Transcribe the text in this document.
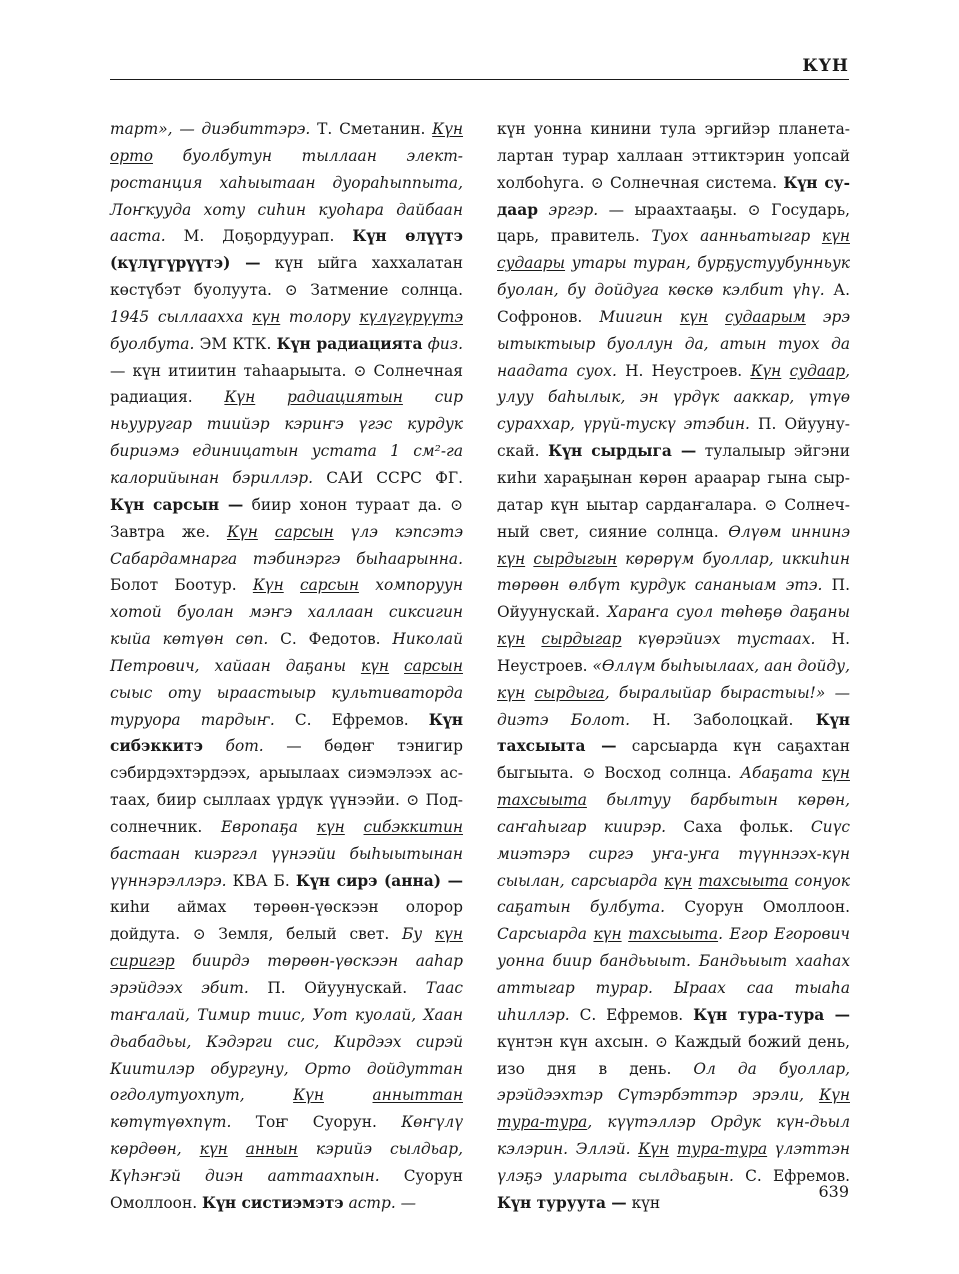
КҮН

тарт», — диэбиттэрэ. Т. Сметанин. Күн орто буолбутун тыллаан электростанция хаһыытаан дуораһыппыта, Лоҥкууда хоту сиһин куоһара дайбаан аастa. М. Доҕордуурап. Күн өлүүтэ (күлүгүрүүтэ) — күн ыйга хаххалатан көстүбэт буолуута. ⊙ Затмение солнца. 1945 сыллаахха күн толору күлүгүрүүтэ буолбута. ЭМ КТК. Күн радиацията физ. — күн итиитин таһаарыыта. ⊙ Солнечная радиация. Күн радиациятын сир ньууругар тиийэр кэриҥэ үгэс курдук бириэмэ единицатын устата 1 см²-га калорийынан бэриллэр. САИ ССРС ФГ. Күн сарсын — биир хонон тураат да. ⊙ Завтра же. Күн сарсын үлэ кэпсэтэ Сабардамнарга тэбинэргэ быһаарынна. Болот Боотур. Күн сарсын хомпоруун хотой буолан мэҥэ халлаан сиксигин кыйа көтүөн сөп. С. Федотов. Николай Петрович, хайаан даҕаны күн сарсын сыыс оту ыраастыыр культиваторда туруора тардыҥ. С. Ефремов. Күн сибэккитэ бот. — бөдөҥ тэнигир сэбирдэхтэрдээх, арыылаах сиэмэлээх астаах, биир сыллаах үрдүк үүнээйи. ⊙ Подсолнечник. Европаҕа күн сибэккитин бастаан киэргэл үүнээйи быһыытынан үүннэрэллэрэ. КВА Б. Күн сирэ (анна) — киһи аймах төрөөн-үөскээн олорор дойдута. ⊙ Земля, белый свет. Бу күн сиригэр биирдэ төрөөн-үөскээн ааһар эрэйдээх эбит. П. Ойуунускай. Таас таҥалай, Тимир тиис, Уот куолай, Хаан дьабадьы, Кэдэрги сис, Кирдээх сирэй Киитилэр обургуну, Орто дойдуттан огдолутуохпут, Күн	анныттан көтүтүөхпүт. Тоҥ Суорун. Көҥүлү көрдөөн, күн аннын кэрийэ сылдьар, Күһэҥэй диэн ааттаахпын. Суорун Омоллоон. Күн систиэмэтэ астр. —

күн уонна кинини тула эргийэр планеталартан турар халлаан эттиктэрин уопсай холбоһуга. ⊙ Солнечная система. Күн судаар эргэр. — ыраахтааҕы. ⊙ Государь, царь, правитель. Туох аанньатыгар күн судаары утары туран, бурҕустуубунньук буолан, бу дойдуга көскө кэлбит үһү. А. Софронов. Миигин күн судаарым эрэ ытыктыыр буоллун да, атын туох да наадата суох. Н. Неустроев. Күн судаар, улуу баһылык, эн үрдүк ааккар, үтүө сураххар, үрүй-тускү этэбин. П. Ойуунускай. Күн сырдыга — тулалыыр эйгэни киһи хараҕынан көрөн араарар гына сырдатар күн ыытар сардаҥалара. ⊙ Солнечный свет, сияние солнца. Өлүөм иннинэ күн сырдыгын көрөрүм буоллар, иккиһин төрөөн өлбүт курдук сананыам этэ. П. Ойуунускай. Хараҥа суол төһөҕө даҕаны күн сырдыгар күөрэйиэх тустаах. Н. Неустроев. «Өллүм быһыылаах, аан дойду, күн сырдыга, быралыйар бырастыы!» — диэтэ Болот. Н. Заболоцкай. Күн тахсыыта — сарсыарда күн саҕахтан быгыыта. ⊙ Восход солнца. Абаҕата күн тахсыыта былтуу барбытын көрөн, саҥаһыгар киирэр. Саха фольк. Сиүс миэтэрэ сиргэ уҥа-уҥа түүннээх-күн сыылан, сарсыарда күн тахсыыта сонуок саҕатын булбута. Суорун Омоллоон. Сарсыарда күн тахсыыта. Егор Егорович уонна биир бандьыыт. Бандьыыт хааһах аттыгар турар. Ыраах саа тыаһа иһиллэр. С. Ефремов. Күн тура-тура — күнтэн күн ахсын. ⊙ Каждый божий день, изо дня в день. Ол да буоллар, эрэйдээхтэр Сүтэрбэттэр эрэли, Күн тура-тура, күүтэллэр Ордук күн-дьыл кэлэрин. Эллэй. Күн тура-тура үлэттэн үлэҕэ уларыта сылдьаҕын. С. Ефремов. Күн туруута — күн

639
